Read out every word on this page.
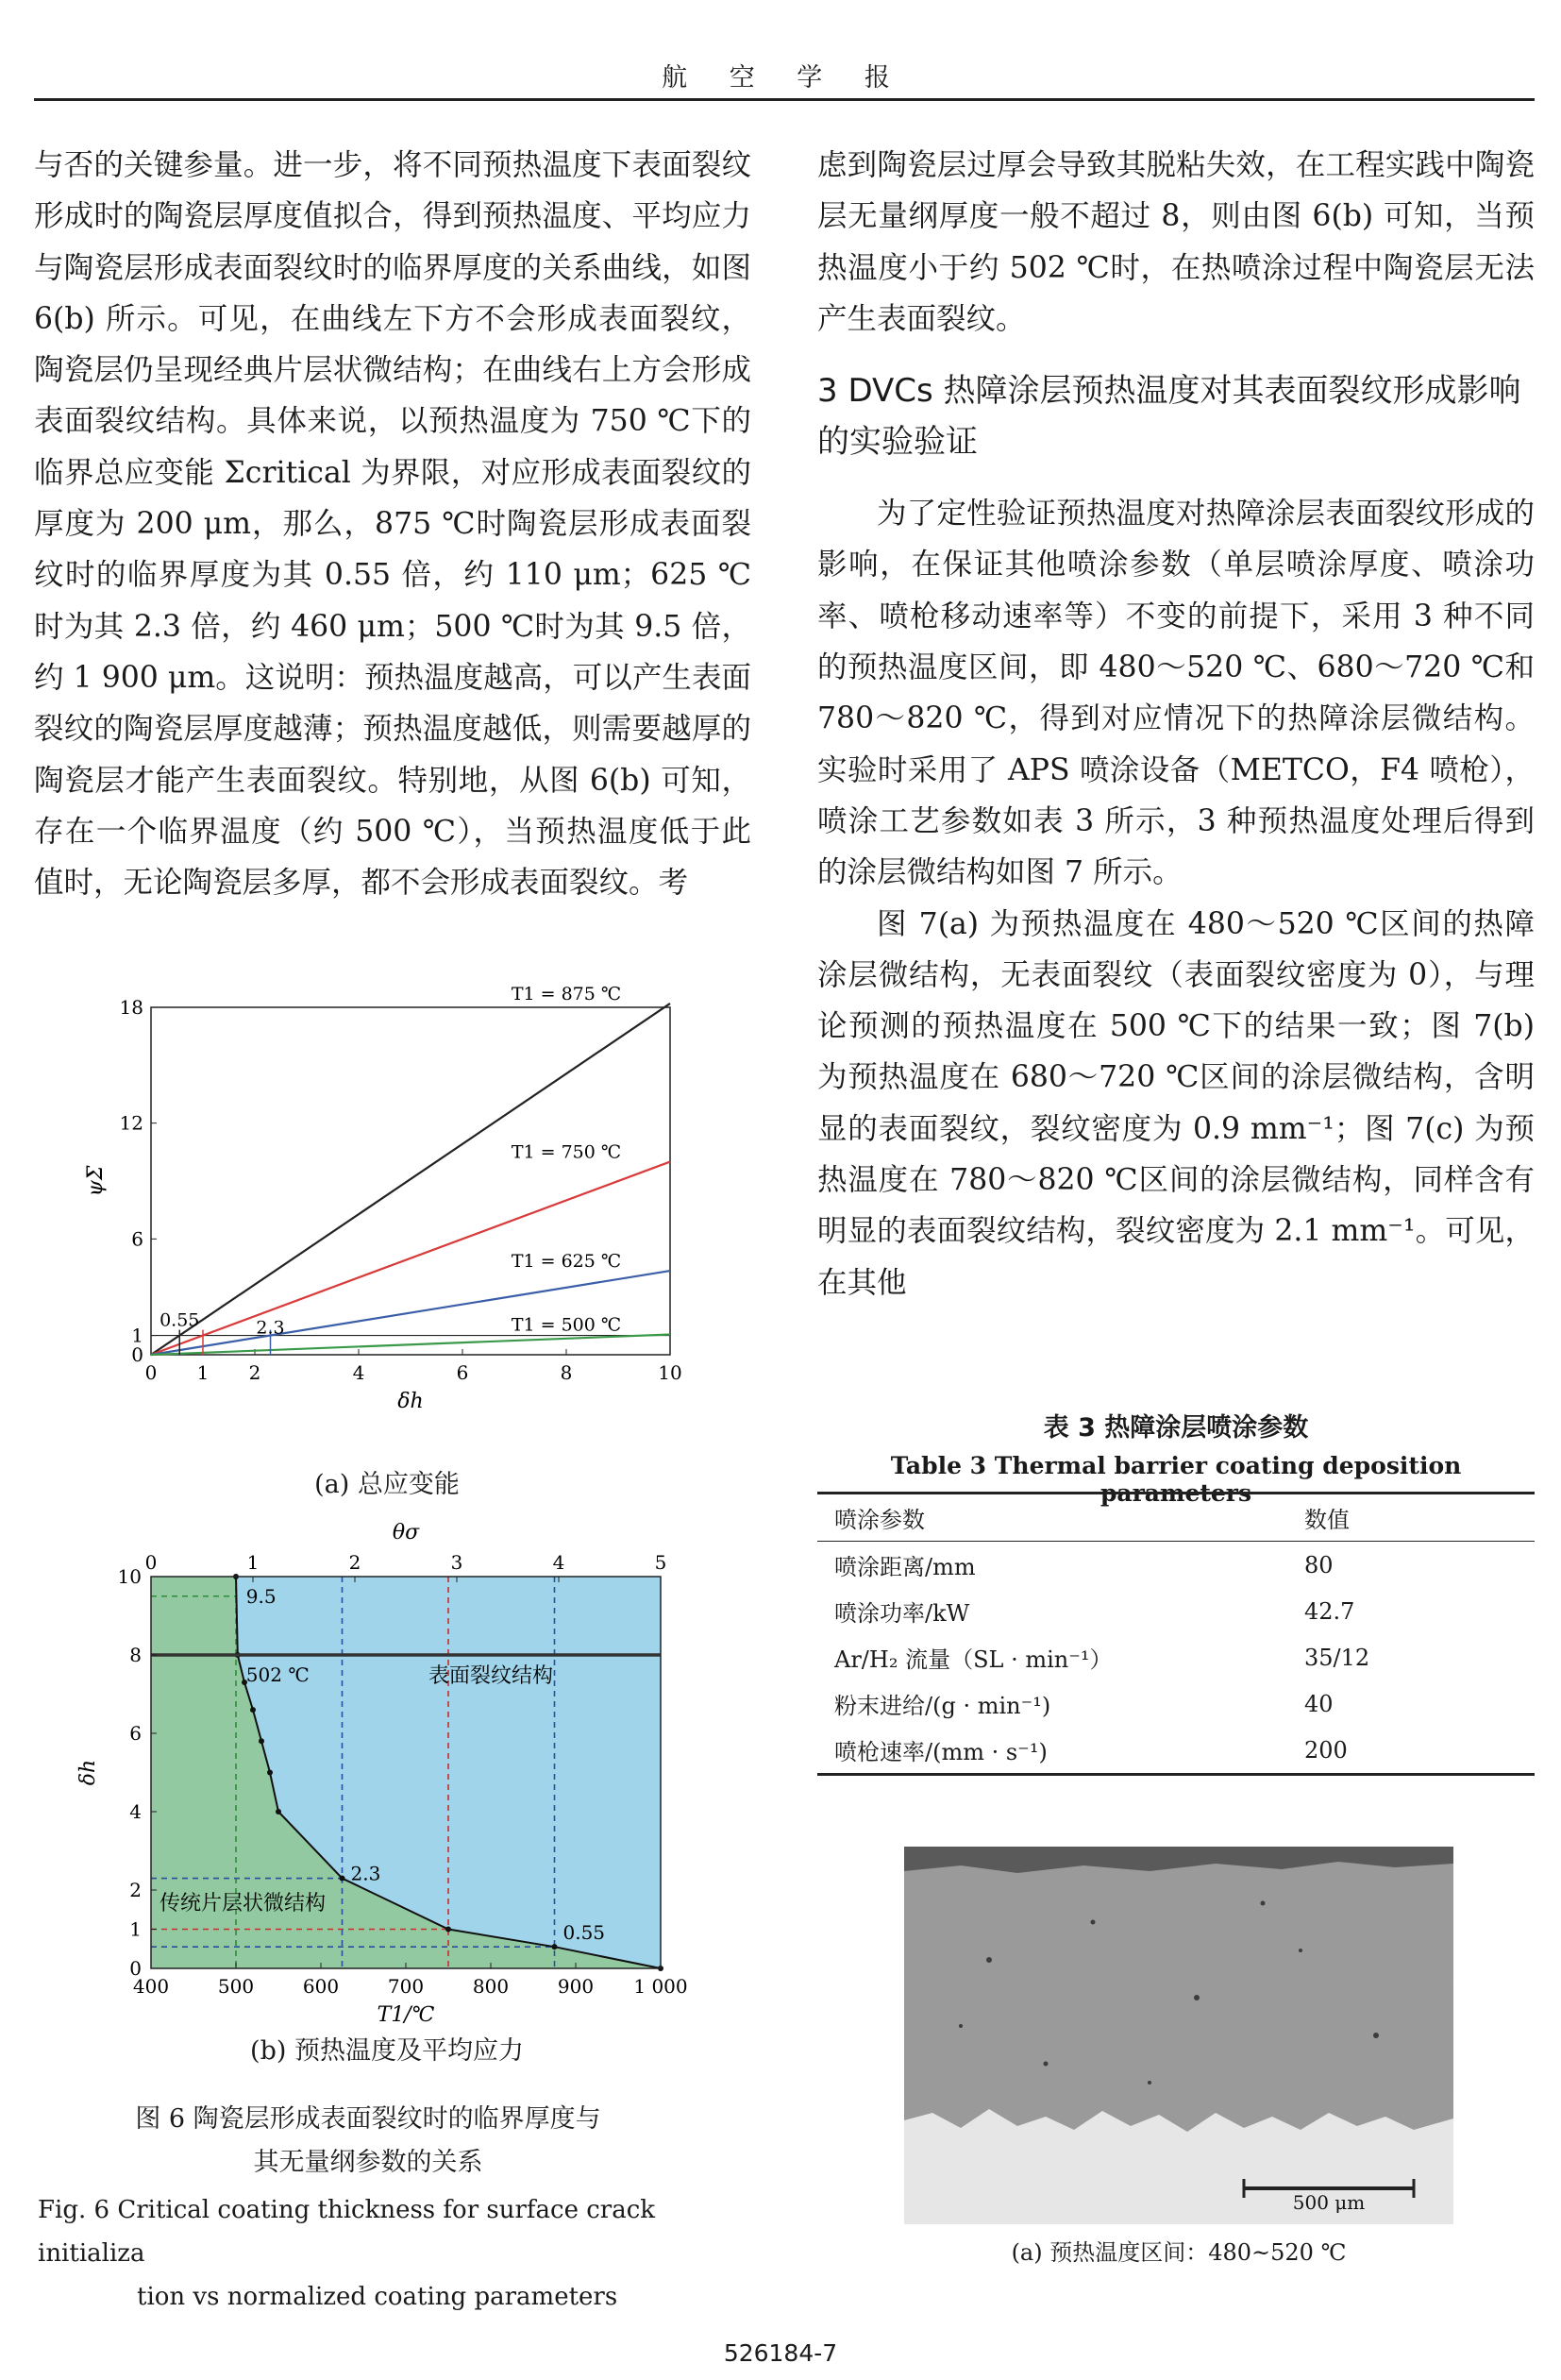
航 空 学 报

与否的关键参量。进一步，将不同预热温度下表面裂纹形成时的陶瓷层厚度值拟合，得到预热温度、平均应力与陶瓷层形成表面裂纹时的临界厚度的关系曲线，如图 6(b) 所示。可见，在曲线左下方不会形成表面裂纹，陶瓷层仍呈现经典片层状微结构；在曲线右上方会形成表面裂纹结构。具体来说，以预热温度为 750 ℃下的临界总应变能 Σcritical 为界限，对应形成表面裂纹的厚度为 200 μm，那么，875 ℃时陶瓷层形成表面裂纹时的临界厚度为其 0.55 倍，约 110 μm；625 ℃时为其 2.3 倍，约 460 μm；500 ℃时为其 9.5 倍，约 1 900 μm。这说明：预热温度越高，可以产生表面裂纹的陶瓷层厚度越薄；预热温度越低，则需要越厚的陶瓷层才能产生表面裂纹。特别地，从图 6(b) 可知，存在一个临界温度（约 500 ℃），当预热温度低于此值时，无论陶瓷层多厚，都不会形成表面裂纹。考

虑到陶瓷层过厚会导致其脱粘失效，在工程实践中陶瓷层无量纲厚度一般不超过 8，则由图 6(b) 可知，当预热温度小于约 502 ℃时，在热喷涂过程中陶瓷层无法产生表面裂纹。

3 DVCs 热障涂层预热温度对其表面裂纹形成影响的实验验证

为了定性验证预热温度对热障涂层表面裂纹形成的影响，在保证其他喷涂参数（单层喷涂厚度、喷涂功率、喷枪移动速率等）不变的前提下，采用 3 种不同的预热温度区间，即 480～520 ℃、680～720 ℃和 780～820 ℃，得到对应情况下的热障涂层微结构。实验时采用了 APS 喷涂设备（METCO，F4 喷枪），喷涂工艺参数如表 3 所示，3 种预热温度处理后得到的涂层微结构如图 7 所示。

图 7(a) 为预热温度在 480～520 ℃区间的热障涂层微结构，无表面裂纹（表面裂纹密度为 0），与理论预测的预热温度在 500 ℃下的结果一致；图 7(b) 为预热温度在 680～720 ℃区间的涂层微结构，含明显的表面裂纹，裂纹密度为 0.9 mm⁻¹；图 7(c) 为预热温度在 780～820 ℃区间的涂层微结构，同样含有明显的表面裂纹结构，裂纹密度为 2.1 mm⁻¹。可见，在其他

0 1 2	4	6	8	10
0
1
6
12
18
T1 = 875 ℃
T1 = 750 ℃
T1 = 625 ℃
T1 = 500 ℃
0.55	2.3
δh
ψΣ
(a) 总应变能
400	500	600	700	800	900 1 000
0
1
2
4
6
8
10
0	1	2	3	4	5
θσ
T1/℃
δh
表面裂纹结构
传统片层状微结构
9.5
502 ℃
2.3
0.55
(b) 预热温度及平均应力
图 6 陶瓷层形成表面裂纹时的临界厚度与
其无量纲参数的关系
Fig. 6 Critical coating thickness for surface crack initializa
tion vs normalized coating parameters
表 3 热障涂层喷涂参数
Table 3 Thermal barrier coating deposition parameters
喷涂参数	数值
喷涂距离/mm	80
喷涂功率/kW	42.7
Ar/H₂ 流量（SL · min⁻¹）	35/12
粉末进给/(g · min⁻¹)	40
喷枪速率/(mm · s⁻¹)	200
500 μm
(a) 预热温度区间：480~520 ℃
526184-7
